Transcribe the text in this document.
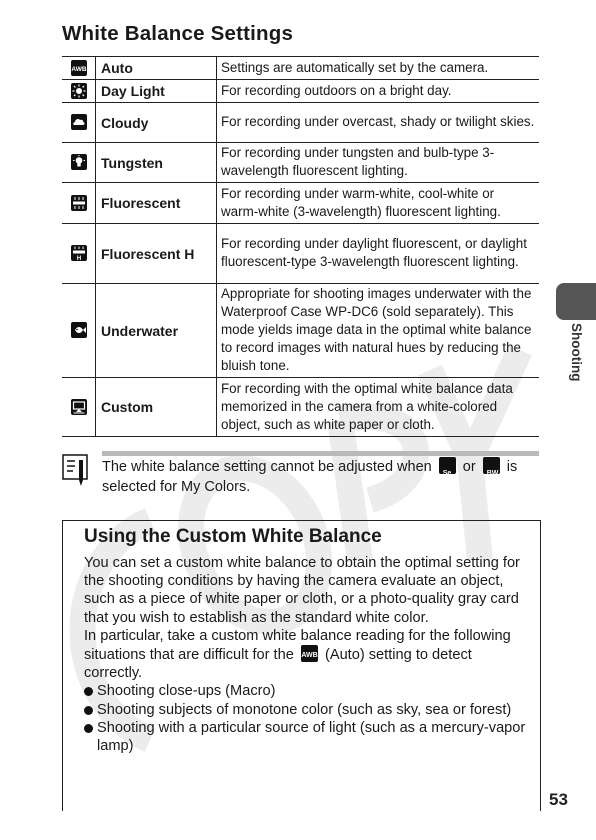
White Balance Settings
AWB	Auto	Settings are automatically set by the camera.

	Day Light	For recording outdoors on a bright day.

	Cloudy	For recording under overcast, shady or twilight skies.

	Tungsten	For recording under tungsten and bulb-type 3-wavelength fluorescent lighting.

	Fluorescent	For recording under warm-white, cool-white or warm-white (3-wavelength) fluorescent lighting.

H	Fluorescent H	For recording under daylight fluorescent, or daylight fluorescent-type 3-wavelength fluorescent lighting.

	Underwater	Appropriate for shooting images underwater with the Waterproof Case WP-DC6 (sold separately). This mode yields image data in the optimal white balance to record images with natural hues by reducing the bluish tone.

	Custom	For recording with the optimal white balance data memorized in the camera from a white-colored object, such as white paper or cloth.
The white balance setting cannot be adjusted when Se or BW is selected for My Colors.
Using the Custom White Balance

You can set a custom white balance to obtain the optimal setting for the shooting conditions by having the camera evaluate an object, such as a piece of white paper or cloth, or a photo-quality gray card that you wish to establish as the standard white color.

In particular, take a custom white balance reading for the following situations that are difficult for the AWB (Auto) setting to detect correctly.

Shooting close-ups (Macro)
Shooting subjects of monotone color (such as sky, sea or forest)
Shooting with a particular source of light (such as a mercury-vapor lamp)
Shooting
53
